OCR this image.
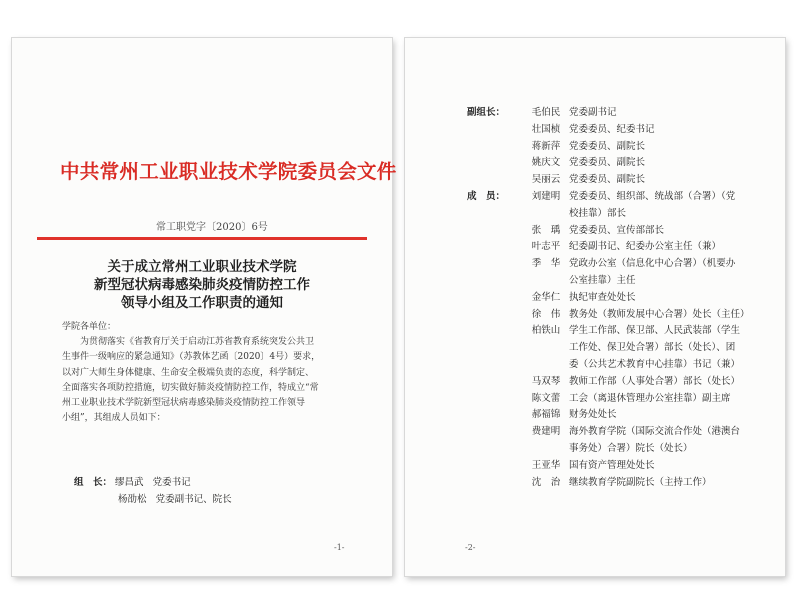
中共常州工业职业技术学院委员会文件
常工职党字〔2020〕6号
关于成立常州工业职业技术学院
新型冠状病毒感染肺炎疫情防控工作
领导小组及工作职责的通知
学院各单位：
为贯彻落实《省教育厅关于启动江苏省教育系统突发公共卫
生事件一级响应的紧急通知》（苏教体艺函〔2020〕4号）要求，
以对广大师生身体健康、生命安全极端负责的态度，科学制定、
全面落实各项防控措施，切实做好肺炎疫情防控工作，特成立“常
州工业职业技术学院新型冠状病毒感染肺炎疫情防控工作领导
小组”，其组成人员如下：
组　长： 缪昌武 党委书记
杨劭松 党委副书记、院长
-1-
副组长：	毛伯民 党委副书记
壮国桢 党委委员、纪委书记
蒋新萍 党委委员、副院长
姚庆文 党委委员、副院长
吴丽云 党委委员、副院长
成　员：	刘建明 党委委员、组织部、统战部（合署）（党
校挂靠）部长
张　瑀 党委委员、宣传部部长
叶志平 纪委副书记、纪委办公室主任（兼）
季　华 党政办公室（信息化中心合署）（机要办
公室挂靠）主任
金华仁 执纪审查处处长
徐　伟 教务处（教师发展中心合署）处长（主任）
柏铁山 学生工作部、保卫部、人民武装部（学生
工作处、保卫处合署）部长（处长）、团
委（公共艺术教育中心挂靠）书记（兼）
马双琴 教师工作部（人事处合署）部长（处长）
陈文蕾 工会（离退休管理办公室挂靠）副主席
郝福锦 财务处处长
费建明 海外教育学院（国际交流合作处（港澳台
事务处）合署）院长（处长）
王亚华 国有资产管理处处长
沈　治 继续教育学院副院长（主持工作）
-2-
